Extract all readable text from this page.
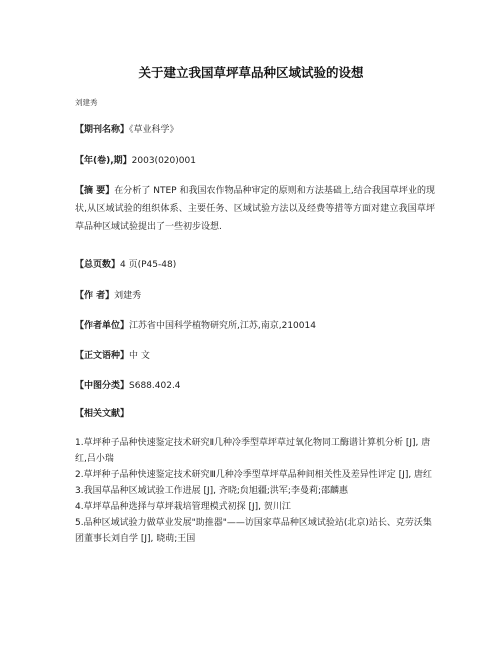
关于建立我国草坪草品种区域试验的设想
刘建秀
【期刊名称】《草业科学》
【年(卷),期】2003(020)001
【摘 要】在分析了 NTEP 和我国农作物品种审定的原则和方法基础上,结合我国草坪业的现状,从区域试验的组织体系、主要任务、区域试验方法以及经费等措等方面对建立我国草坪草品种区域试验提出了一些初步设想.
【总页数】4 页(P45-48)
【作 者】刘建秀
【作者单位】江苏省中国科学植物研究所,江苏,南京,210014
【正文语种】中 文
【中图分类】S688.402.4
【相关文献】
1.草坪种子品种快速鉴定技术研究Ⅱ几种冷季型草坪草过氧化物同工酶谱计算机分析 [J], 唐红,吕小瑞
2.草坪种子品种快速鉴定技术研究Ⅲ几种冷季型草坪草品种间相关性及差异性评定 [J], 唐红
3.我国草品种区域试验工作进展 [J], 齐晓;贠旭疆;洪军;李曼莉;邵麟惠
4.草坪草品种选择与草坪栽培管理模式初探 [J], 贺川江
5.品种区域试验力做草业发展"助推器"——访国家草品种区域试验站(北京)站长、克劳沃集团董事长刘自学 [J], 晓萌;王国
